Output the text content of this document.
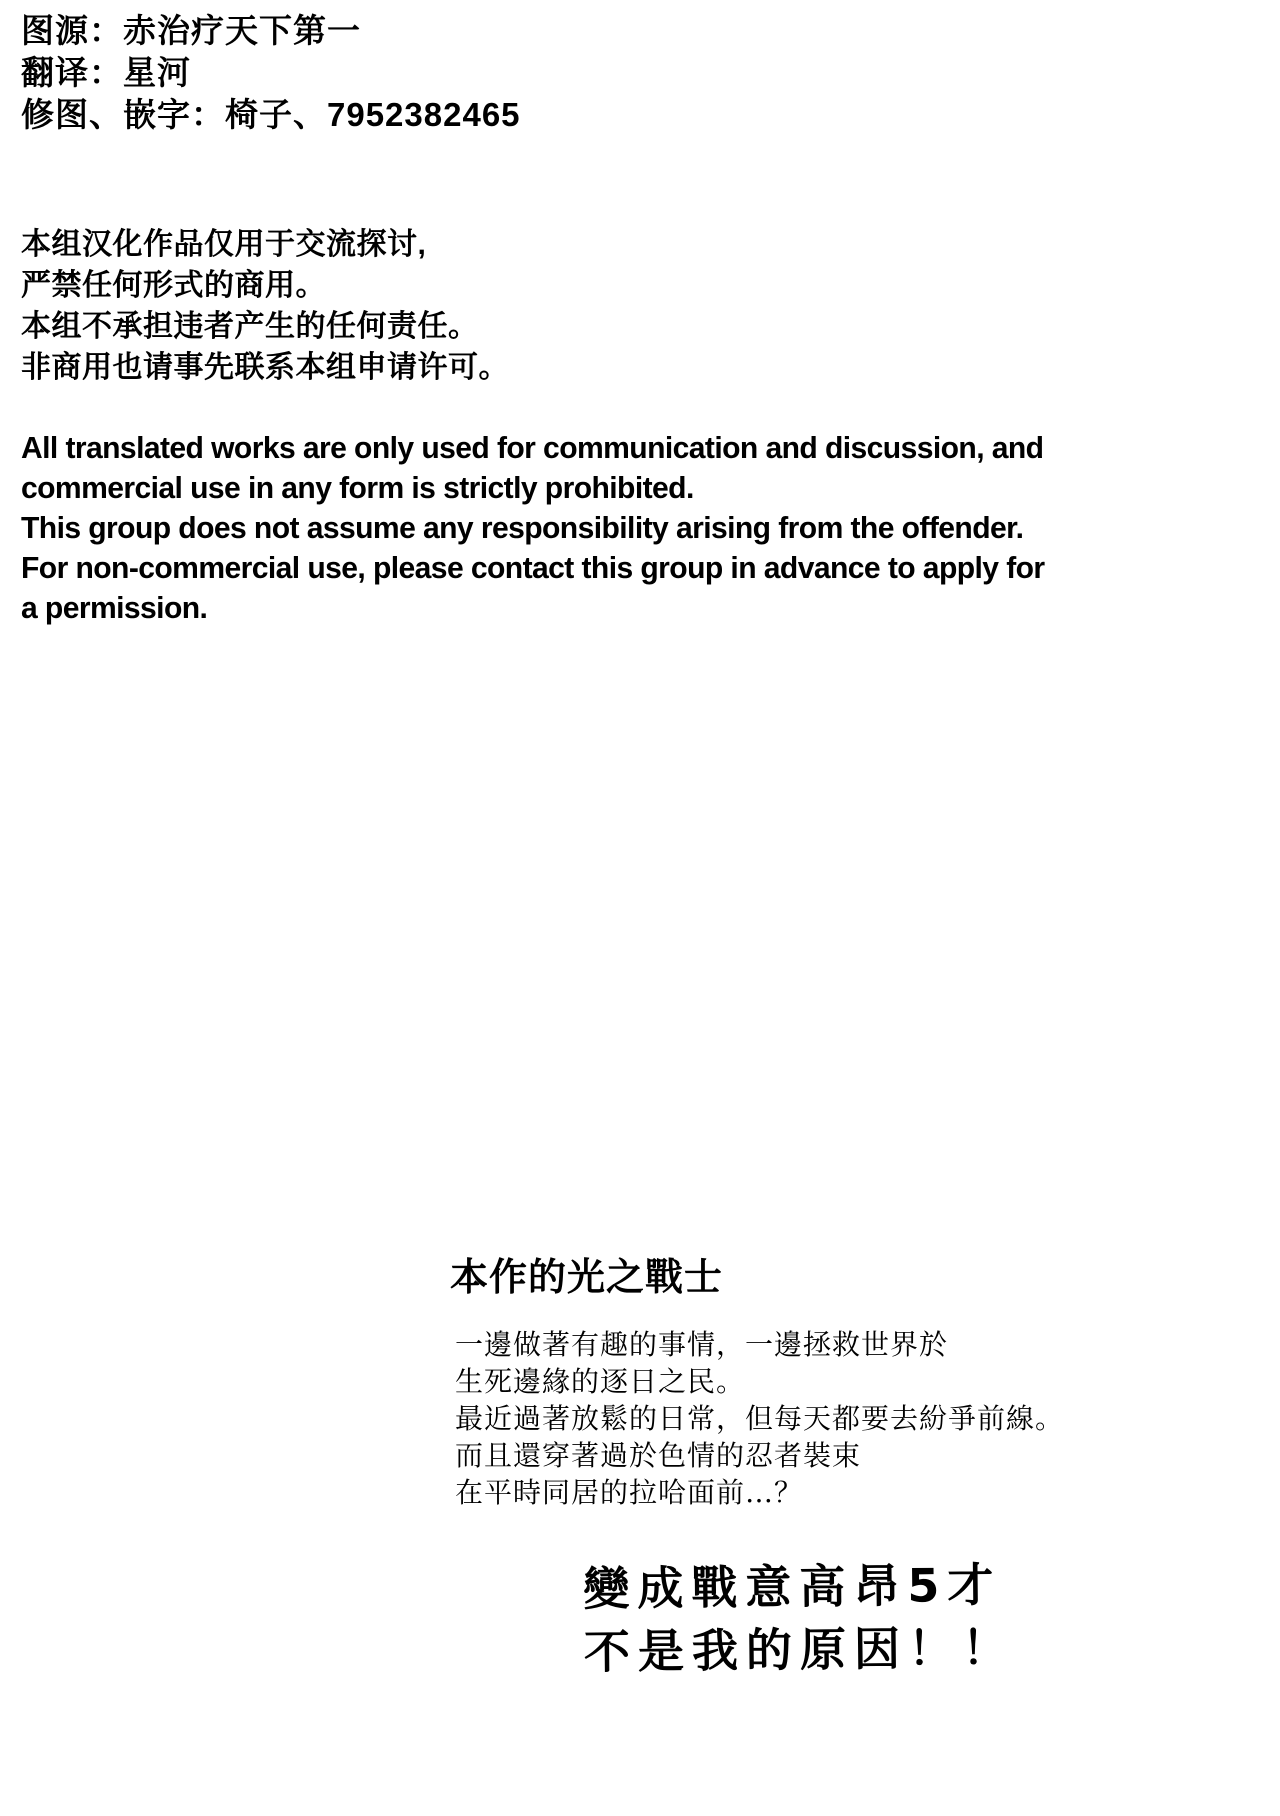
图源：赤治疗天下第一
翻译：星河
修图、嵌字：椅子、7952382465
本组汉化作品仅用于交流探讨,
严禁任何形式的商用。
本组不承担违者产生的任何责任。
非商用也请事先联系本组申请许可。
All translated works are only used for communication and discussion, and
commercial use in any form is strictly prohibited.
This group does not assume any responsibility arising from the offender.
For non-commercial use, please contact this group in advance to apply for
a permission.
本作的光之戰士
一邊做著有趣的事情，一邊拯救世界於
生死邊緣的逐日之民。
最近過著放鬆的日常，但每天都要去紛爭前線。
而且還穿著過於色情的忍者裝束
在平時同居的拉哈面前…？
變成戰意高昂5才
不是我的原因！！
